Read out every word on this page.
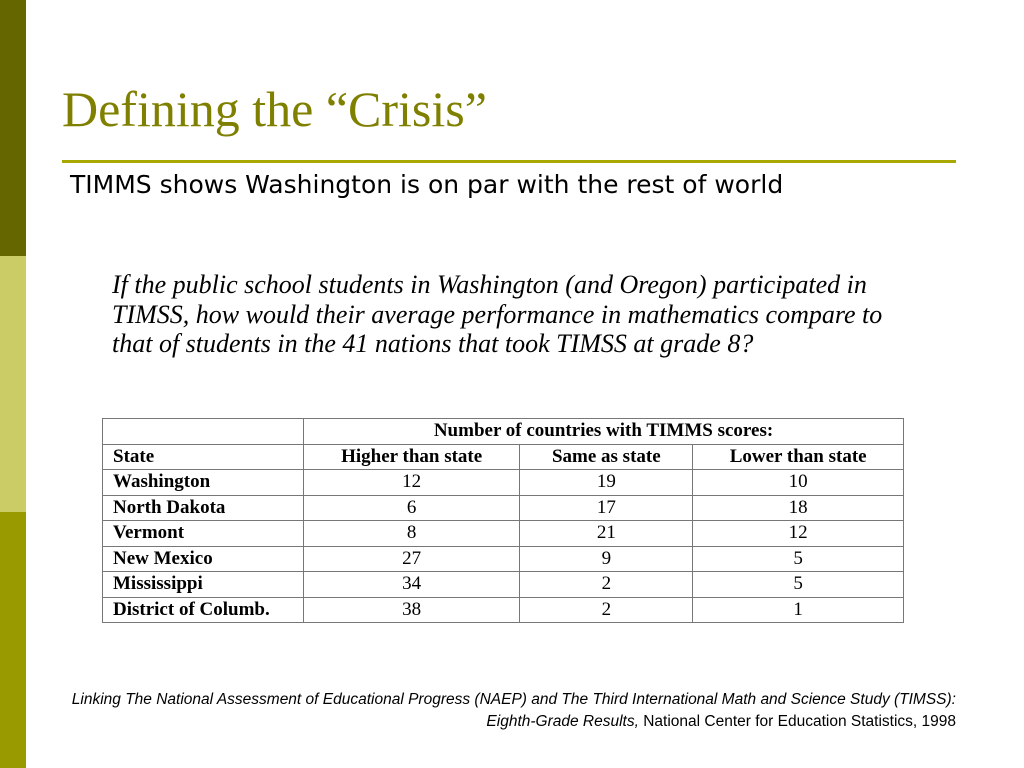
Defining the “Crisis”
TIMMS shows Washington is on par with the rest of world
If the public school students in Washington (and Oregon) participated in TIMSS, how would their average performance in mathematics compare to that of students in the 41 nations that took TIMSS at grade 8?
	Number of countries with TIMMS scores:		
State	Higher than state	Same as state	Lower than state
Washington	12	19	10
North Dakota	6	17	18
Vermont	8	21	12
New Mexico	27	9	5
Mississippi	34	2	5
District of Columb.	38	2	1
Linking The National Assessment of Educational Progress (NAEP) and The Third International Math and Science Study (TIMSS): Eighth-Grade Results, National Center for Education Statistics, 1998
